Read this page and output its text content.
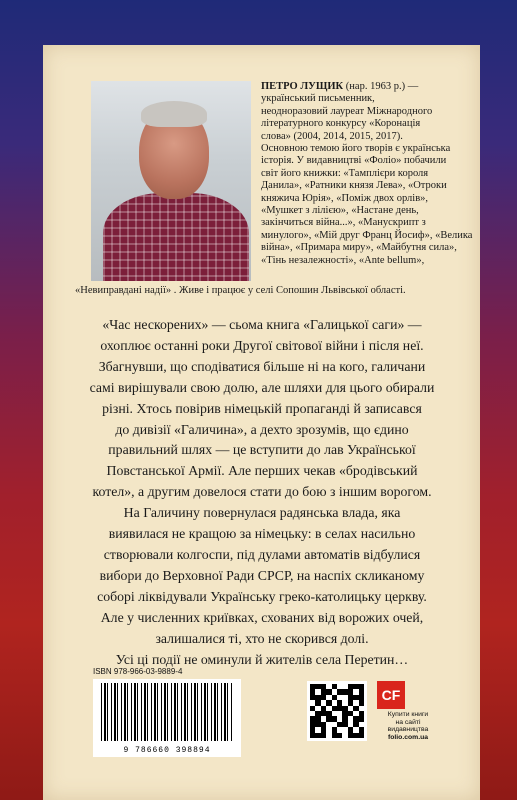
ПЕТРО ЛУЩИК (нар. 1963 р.) —
український письменник,
неодноразовий лауреат Міжнародного
літературного конкурсу «Коронація
слова» (2004, 2014, 2015, 2017).
Основною темою його творів є українська
історія. У видавництві «Фоліо» побачили
світ його книжки: «Тамплієри короля
Данила», «Ратники князя Лева», «Отроки
княжича Юрія», «Поміж двох орлів»,
«Мушкет з лілією», «Настане день,
закінчиться війна...», «Манускрипт з
минулого», «Мій друг Франц Йосиф», «Велика
війна», «Примара миру», «Майбутня сила»,
«Тінь незалежності», «Ante bellum»,
«Невиправдані надії» . Живе і працює у селі Сопошин Львівської області.

«Час нескорених» — сьома книга «Галицької саги» —

охоплює останні роки Другої світової війни і після неї.

Збагнувши, що сподіватися більше ні на кого, галичани

самі вирішували свою долю, але шляхи для цього обирали

різні. Хтось повірив німецькій пропаганді й записався

до дивізії «Галичина», а дехто зрозумів, що єдино

правильний шлях — це вступити до лав Української

Повстанської Армії. Але перших чекав «бродівський

котел», а другим довелося стати до бою з іншим ворогом.

На Галичину повернулася радянська влада, яка

виявилася не кращою за німецьку: в селах насильно

створювали колгоспи, під дулами автоматів відбулися

вибори до Верховної Ради СРСР, на наспіх скликаному

соборі ліквідували Українську греко-католицьку церкву.

Але у численних криївках, схованих від ворожих очей,

залишалися ті, хто не скорився долі.

Усі ці події не оминули й жителів села Перетин…

ISBN 978-966-03-9889-4
9 786660 398894
CF
Купити книги
на сайті
видавництва
folio.com.ua
